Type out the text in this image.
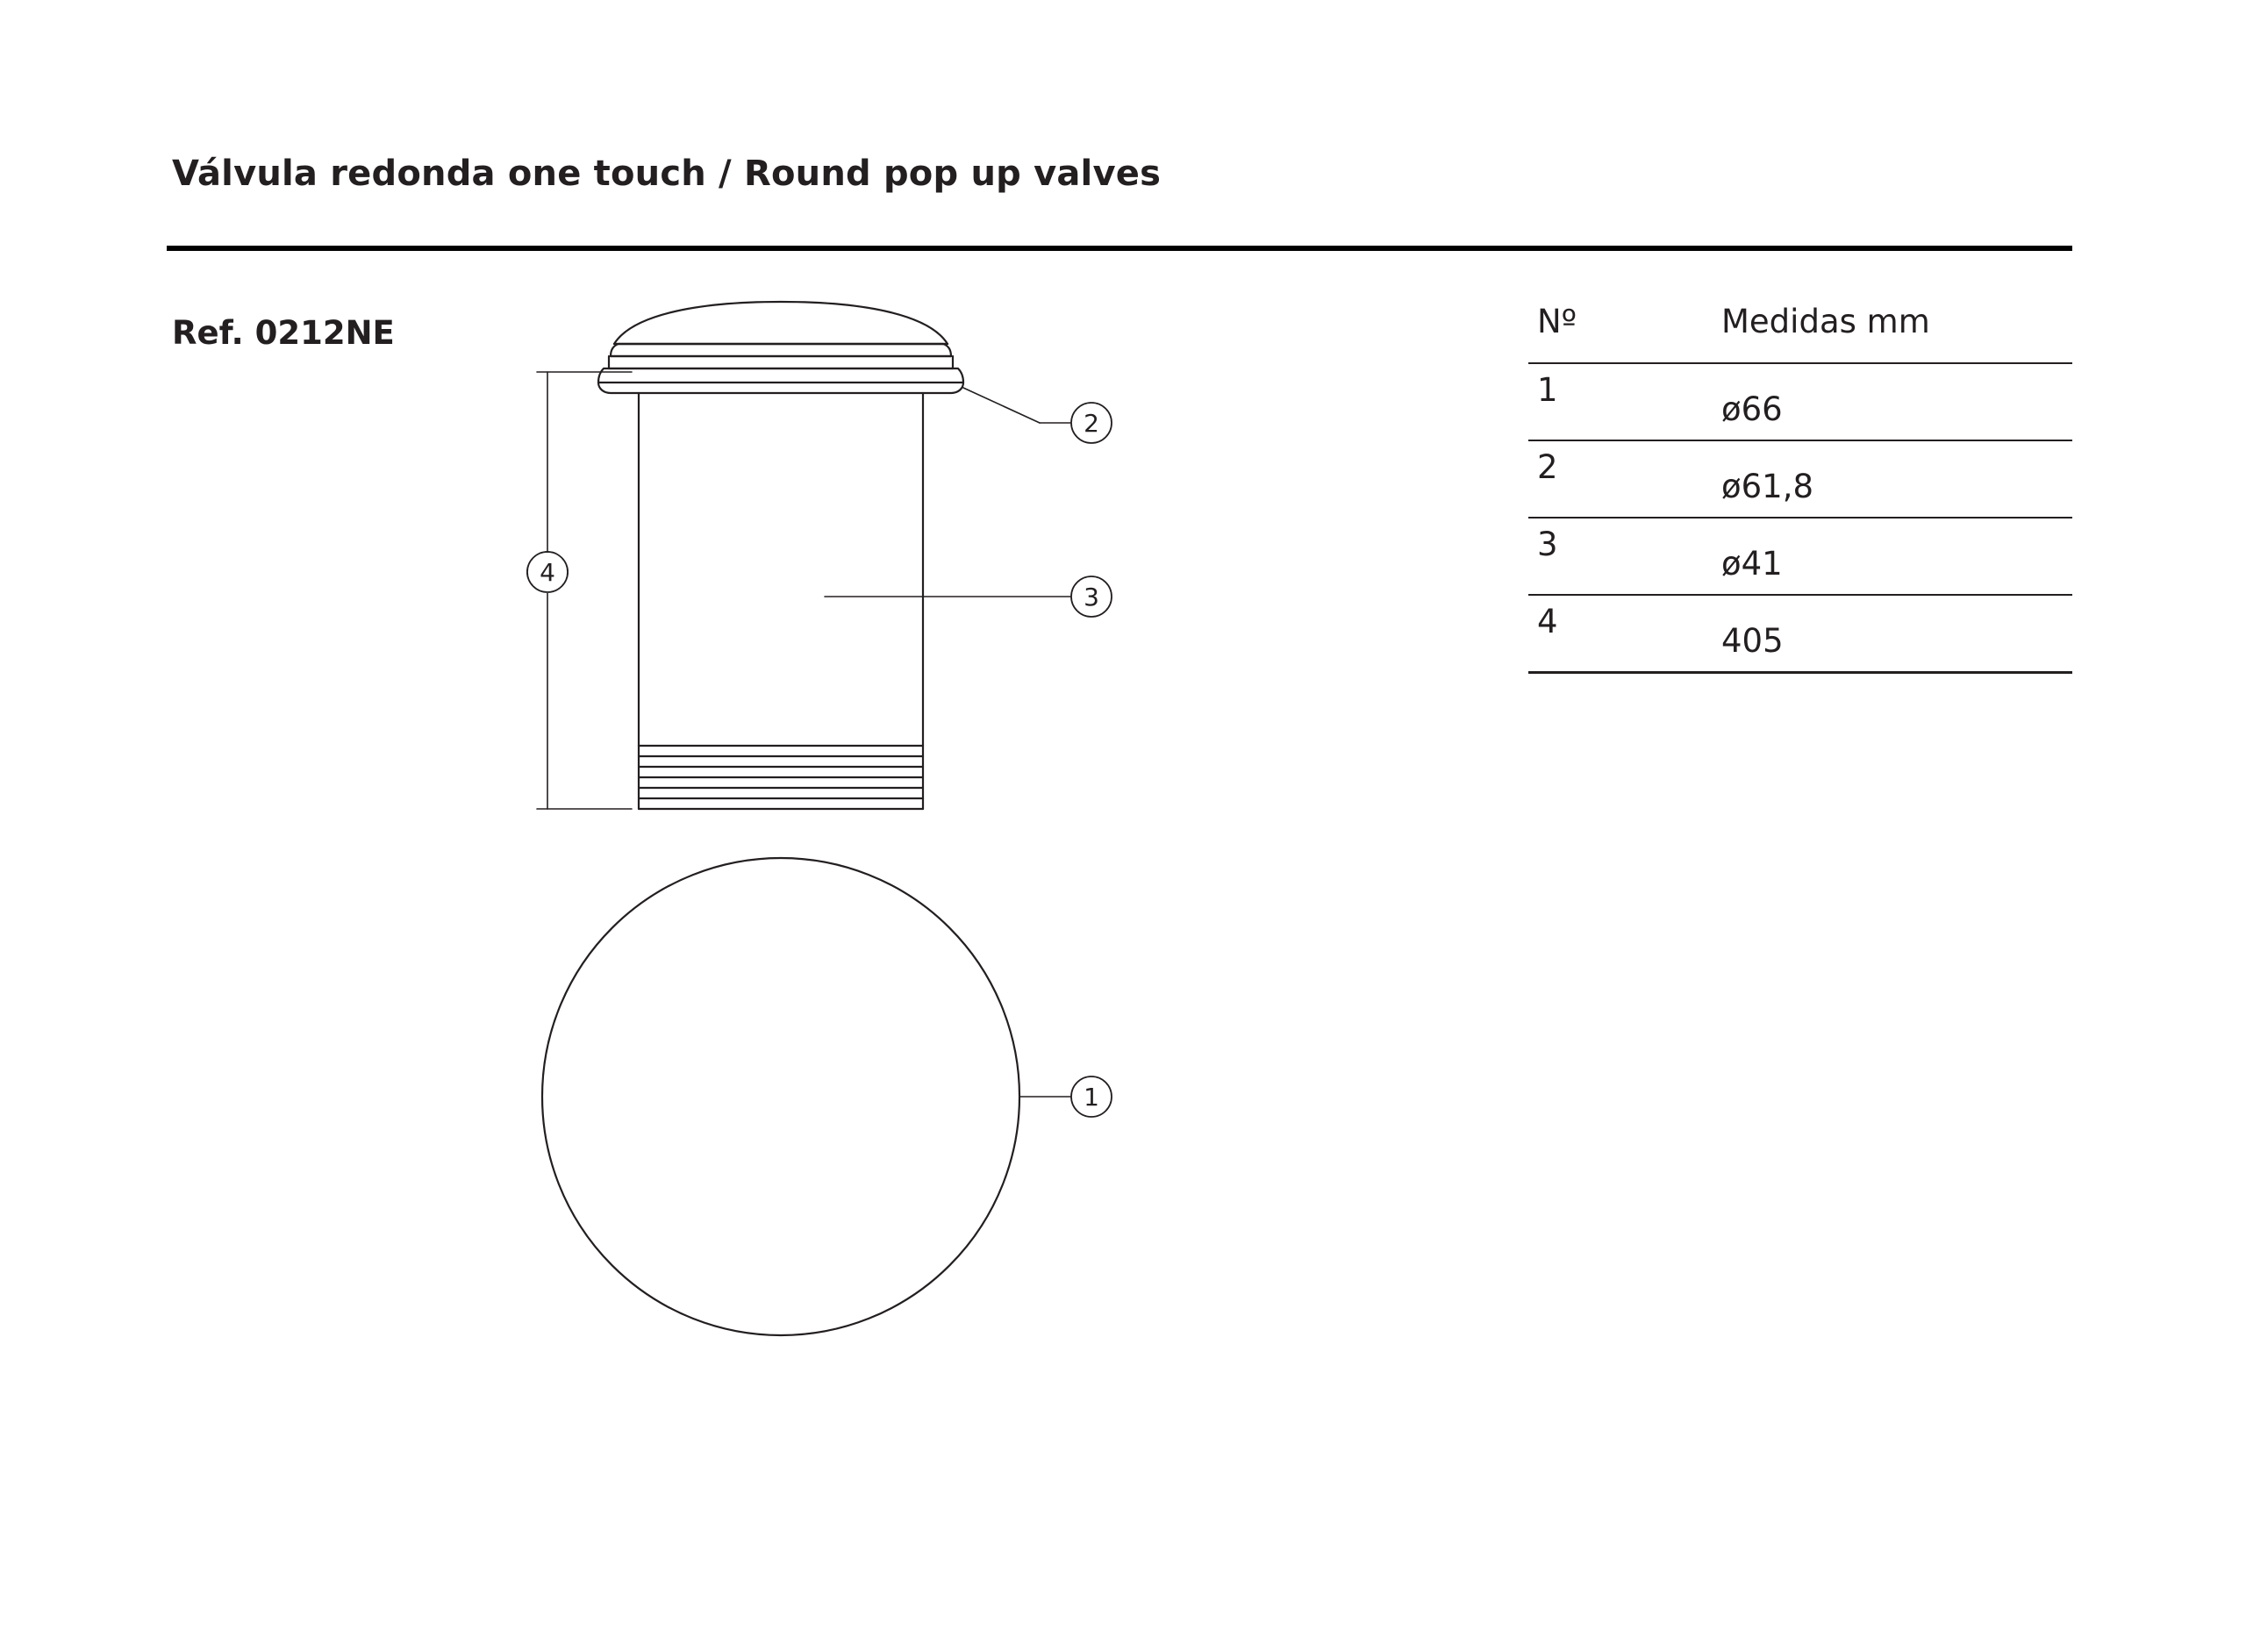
Válvula redonda one touch / Round pop up valves
Ref. 0212NE	Nº	Medidas mm
1
ø66
2
ø61,8
3
ø41
4
405
2
3
1
4
